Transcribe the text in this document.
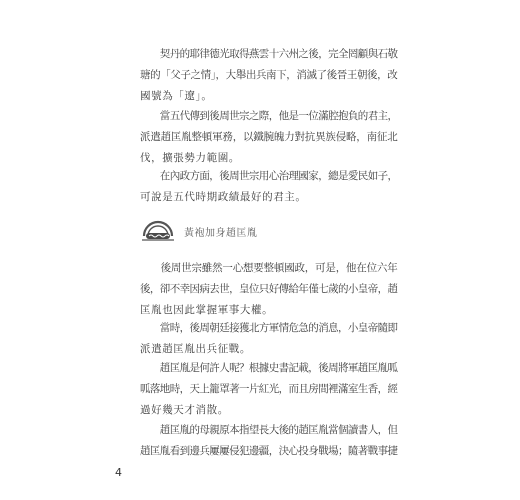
　　契丹的耶律德光取得燕雲十六州之後，完全罔顧與石敬
瑭的「父子之情」，大舉出兵南下，消滅了後晉王朝後，改
國號為「遼」。

　　當五代傳到後周世宗之際，他是一位滿腔抱負的君主，
派遣趙匡胤整頓軍務，以鐵腕魄力對抗異族侵略，南征北
伐，擴張勢力範圍。

　　在內政方面，後周世宗用心治理國家，總是愛民如子，
可說是五代時期政績最好的君主。

黃袍加身趙匡胤

　　後周世宗雖然一心想要整頓國政，可是，他在位六年
後，卻不幸因病去世，皇位只好傳給年僅七歲的小皇帝，趙
匡胤也因此掌握軍事大權。

　　當時，後周朝廷接獲北方軍情危急的消息，小皇帝隨即
派遣趙匡胤出兵征戰。

　　趙匡胤是何許人呢？根據史書記載，後周將軍趙匡胤呱
呱落地時，天上籠罩著一片紅光，而且房間裡滿室生香，經
過好幾天才消散。

　　趙匡胤的母親原本指望長大後的趙匡胤當個讀書人，但
趙匡胤看到邊兵屢屢侵犯邊疆，決心投身戰場；隨著戰事捷

4
